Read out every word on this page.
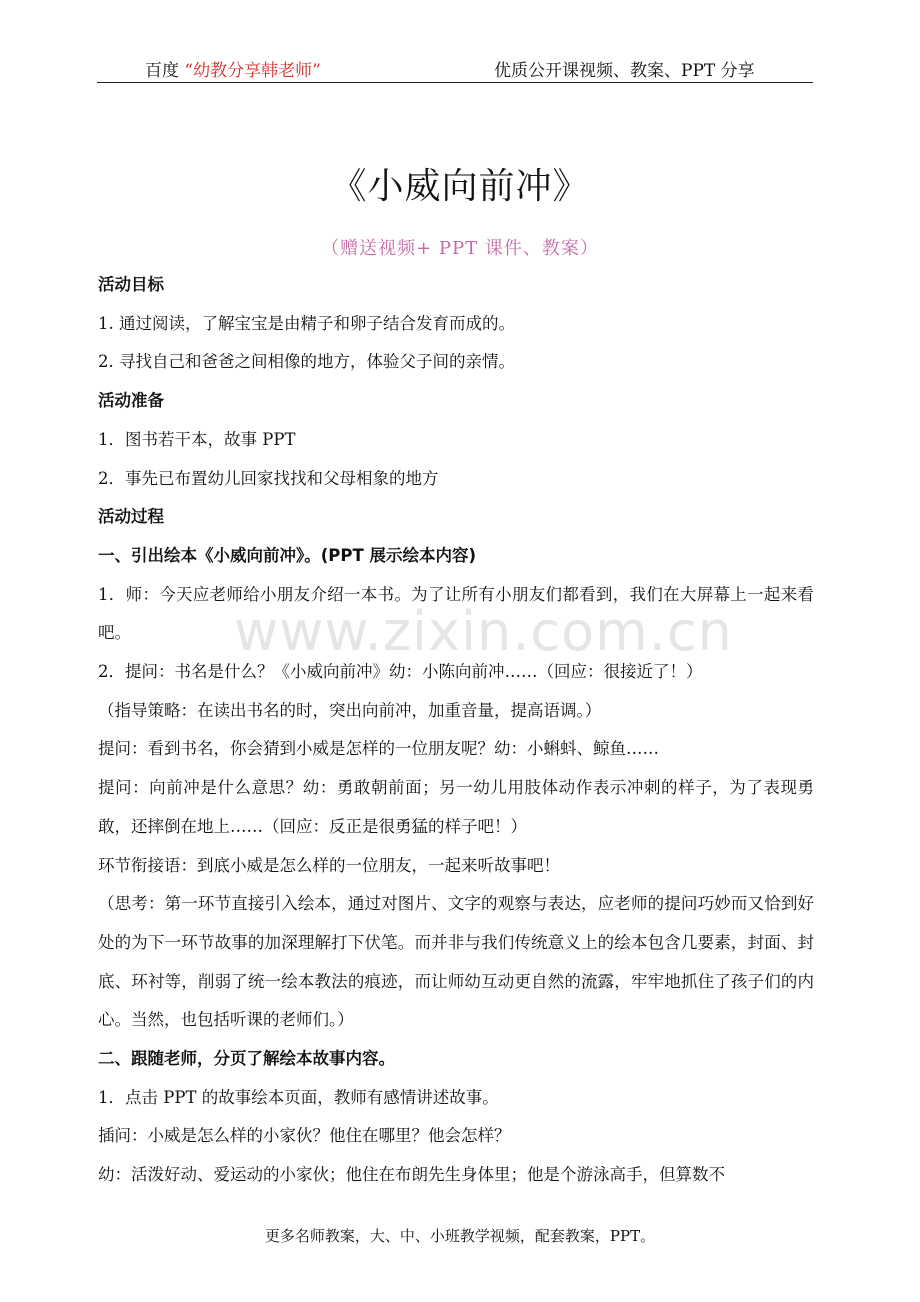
百度 “幼教分享韩老师”	优质公开课视频、教案、PPT 分享
《小威向前冲》
（赠送视频+ PPT 课件、教案）

活动目标

1. 通过阅读，了解宝宝是由精子和卵子结合发育而成的。

2. 寻找自己和爸爸之间相像的地方，体验父子间的亲情。

活动准备

1．图书若干本，故事 PPT

2．事先已布置幼儿回家找找和父母相象的地方

活动过程

一、引出绘本《小威向前冲》。(PPT 展示绘本内容)

1．师：今天应老师给小朋友介绍一本书。为了让所有小朋友们都看到，我们在大屏幕上一起来看吧。

2．提问：书名是什么？《小威向前冲》幼：小陈向前冲……（回应：很接近了！）

（指导策略：在读出书名的时，突出向前冲，加重音量，提高语调。）

提问：看到书名，你会猜到小威是怎样的一位朋友呢？幼：小蝌蚪、鲸鱼……

提问：向前冲是什么意思？幼：勇敢朝前面；另一幼儿用肢体动作表示冲刺的样子，为了表现勇敢，还摔倒在地上……（回应：反正是很勇猛的样子吧！）

环节衔接语：到底小威是怎么样的一位朋友，一起来听故事吧！

（思考：第一环节直接引入绘本，通过对图片、文字的观察与表达，应老师的提问巧妙而又恰到好处的为下一环节故事的加深理解打下伏笔。而并非与我们传统意义上的绘本包含几要素，封面、封底、环衬等，削弱了统一绘本教法的痕迹，而让师幼互动更自然的流露，牢牢地抓住了孩子们的内心。当然，也包括听课的老师们。）

二、跟随老师，分页了解绘本故事内容。

1．点击 PPT 的故事绘本页面，教师有感情讲述故事。

插问：小威是怎么样的小家伙？他住在哪里？他会怎样？

幼：活泼好动、爱运动的小家伙；他住在布朗先生身体里；他是个游泳高手，但算数不

www.zixin.com.cn
更多名师教案，大、中、小班教学视频，配套教案，PPT。
